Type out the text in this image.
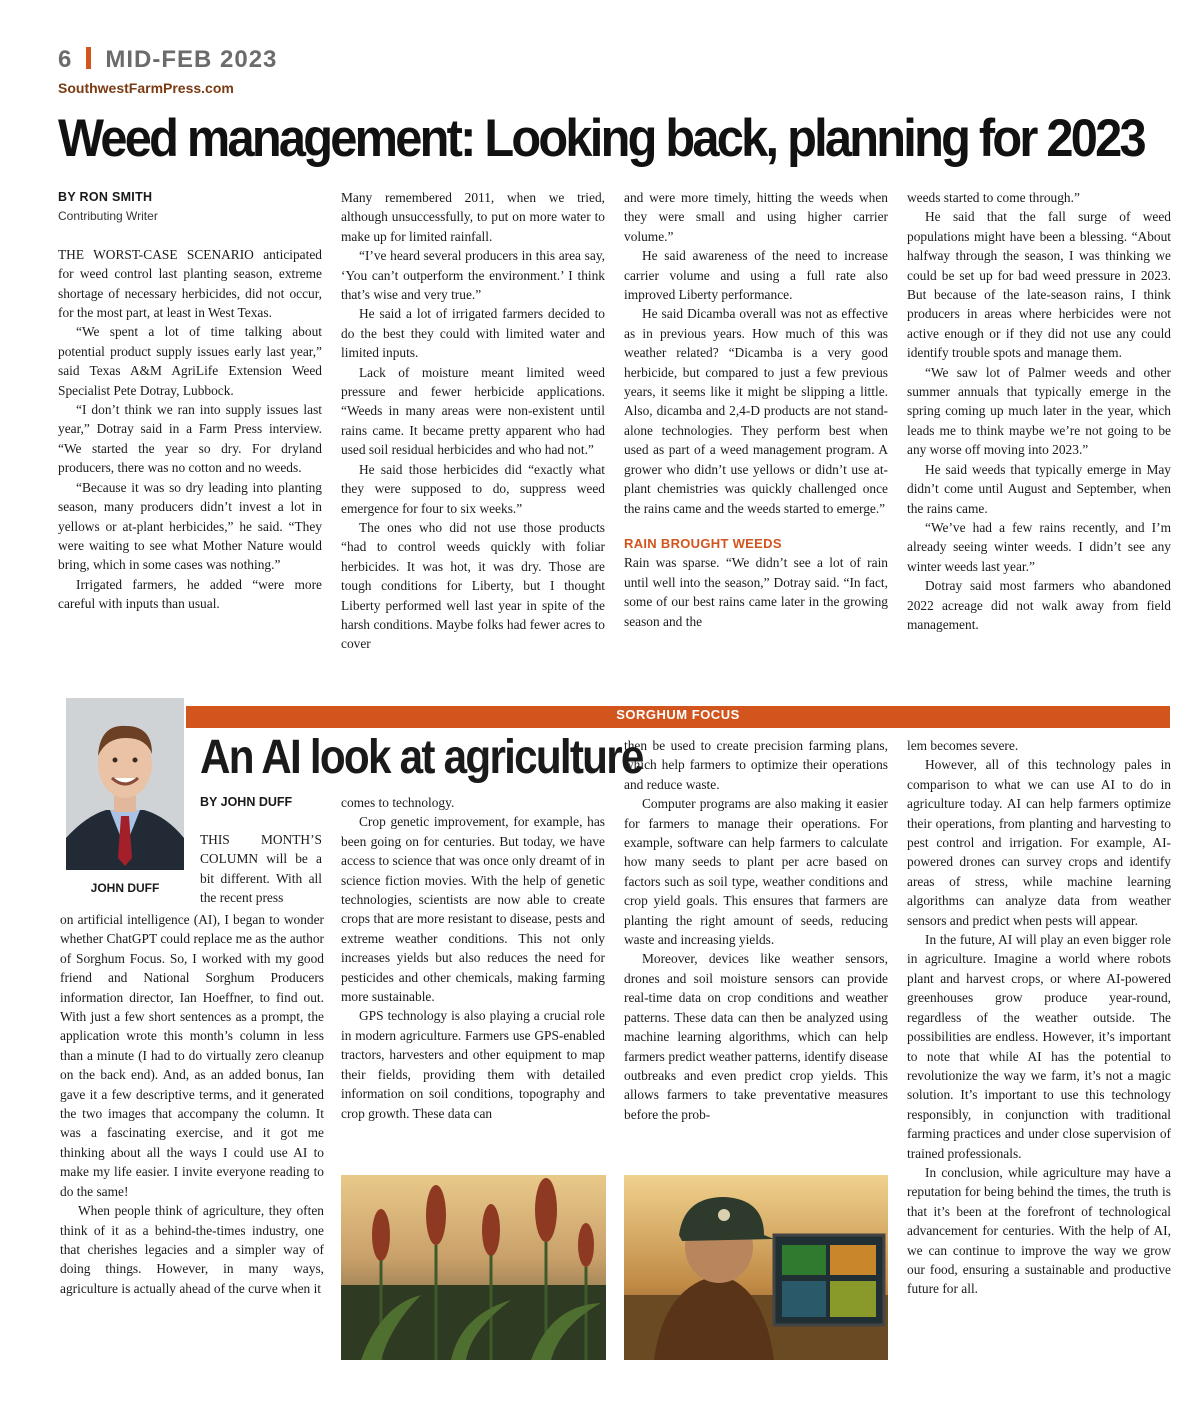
6 MID-FEB 2023
SouthwestFarmPress.com
Weed management: Looking back, planning for 2023
BY RON SMITH
Contributing Writer

THE WORST-CASE SCENARIO anticipated for weed control last planting season, extreme shortage of necessary herbicides, did not occur, for the most part, at least in West Texas.

“We spent a lot of time talking about potential product supply issues early last year,” said Texas A&M AgriLife Extension Weed Specialist Pete Dotray, Lubbock.

“I don’t think we ran into supply issues last year,” Dotray said in a Farm Press interview. “We started the year so dry. For dryland producers, there was no cotton and no weeds.

“Because it was so dry leading into planting season, many producers didn’t invest a lot in yellows or at-plant herbicides,” he said. “They were waiting to see what Mother Nature would bring, which in some cases was nothing.”

Irrigated farmers, he added “were more careful with inputs than usual.

Many remembered 2011, when we tried, although unsuccessfully, to put on more water to make up for limited rainfall.

“I’ve heard several producers in this area say, ‘You can’t outperform the environment.’ I think that’s wise and very true.”

He said a lot of irrigated farmers decided to do the best they could with limited water and limited inputs.

Lack of moisture meant limited weed pressure and fewer herbicide applications. “Weeds in many areas were non-existent until rains came. It became pretty apparent who had used soil residual herbicides and who had not.”

He said those herbicides did “exactly what they were supposed to do, suppress weed emergence for four to six weeks.”

The ones who did not use those products “had to control weeds quickly with foliar herbicides. It was hot, it was dry. Those are tough conditions for Liberty, but I thought Liberty performed well last year in spite of the harsh conditions. Maybe folks had fewer acres to cover

and were more timely, hitting the weeds when they were small and using higher carrier volume.”

He said awareness of the need to increase carrier volume and using a full rate also improved Liberty performance.

He said Dicamba overall was not as effective as in previous years. How much of this was weather related? “Dicamba is a very good herbicide, but compared to just a few previous years, it seems like it might be slipping a little. Also, dicamba and 2,4-D products are not stand-alone technologies. They perform best when used as part of a weed management program. A grower who didn’t use yellows or didn’t use at-plant chemistries was quickly challenged once the rains came and the weeds started to emerge.”

RAIN BROUGHT WEEDS

Rain was sparse. “We didn’t see a lot of rain until well into the season,” Dotray said. “In fact, some of our best rains came later in the growing season and the

weeds started to come through.”

He said that the fall surge of weed populations might have been a blessing. “About halfway through the season, I was thinking we could be set up for bad weed pressure in 2023. But because of the late-season rains, I think producers in areas where herbicides were not active enough or if they did not use any could identify trouble spots and manage them.

“We saw lot of Palmer weeds and other summer annuals that typically emerge in the spring coming up much later in the year, which leads me to think maybe we’re not going to be any worse off moving into 2023.”

He said weeds that typically emerge in May didn’t come until August and September, when the rains came.

“We’ve had a few rains recently, and I’m already seeing winter weeds. I didn’t see any winter weeds last year.”

Dotray said most farmers who abandoned 2022 acreage did not walk away from field management.

SORGHUM FOCUS
JOHN DUFF
An AI look at agriculture
BY JOHN DUFF

THIS MONTH’S COLUMN will be a bit different. With all the recent press

on artificial intelligence (AI), I began to wonder whether ChatGPT could replace me as the author of Sorghum Focus. So, I worked with my good friend and National Sorghum Producers information director, Ian Hoeffner, to find out. With just a few short sentences as a prompt, the application wrote this month’s column in less than a minute (I had to do virtually zero cleanup on the back end). And, as an added bonus, Ian gave it a few descriptive terms, and it generated the two images that accompany the column. It was a fascinating exercise, and it got me thinking about all the ways I could use AI to make my life easier. I invite everyone reading to do the same!

When people think of agriculture, they often think of it as a behind-the-times industry, one that cherishes legacies and a simpler way of doing things. However, in many ways, agriculture is actually ahead of the curve when it

comes to technology.

Crop genetic improvement, for example, has been going on for centuries. But today, we have access to science that was once only dreamt of in science fiction movies. With the help of genetic technologies, scientists are now able to create crops that are more resistant to disease, pests and extreme weather conditions. This not only increases yields but also reduces the need for pesticides and other chemicals, making farming more sustainable.

GPS technology is also playing a crucial role in modern agriculture. Farmers use GPS-enabled tractors, harvesters and other equipment to map their fields, providing them with detailed information on soil conditions, topography and crop growth. These data can

then be used to create precision farming plans, which help farmers to optimize their operations and reduce waste.

Computer programs are also making it easier for farmers to manage their operations. For example, software can help farmers to calculate how many seeds to plant per acre based on factors such as soil type, weather conditions and crop yield goals. This ensures that farmers are planting the right amount of seeds, reducing waste and increasing yields.

Moreover, devices like weather sensors, drones and soil moisture sensors can provide real-time data on crop conditions and weather patterns. These data can then be analyzed using machine learning algorithms, which can help farmers predict weather patterns, identify disease outbreaks and even predict crop yields. This allows farmers to take preventative measures before the prob-

lem becomes severe.

However, all of this technology pales in comparison to what we can use AI to do in agriculture today. AI can help farmers optimize their operations, from planting and harvesting to pest control and irrigation. For example, AI-powered drones can survey crops and identify areas of stress, while machine learning algorithms can analyze data from weather sensors and predict when pests will appear.

In the future, AI will play an even bigger role in agriculture. Imagine a world where robots plant and harvest crops, or where AI-powered greenhouses grow produce year-round, regardless of the weather outside. The possibilities are endless. However, it’s important to note that while AI has the potential to revolutionize the way we farm, it’s not a magic solution. It’s important to use this technology responsibly, in conjunction with traditional farming practices and under close supervision of trained professionals.

In conclusion, while agriculture may have a reputation for being behind the times, the truth is that it’s been at the forefront of technological advancement for centuries. With the help of AI, we can continue to improve the way we grow our food, ensuring a sustainable and productive future for all.
